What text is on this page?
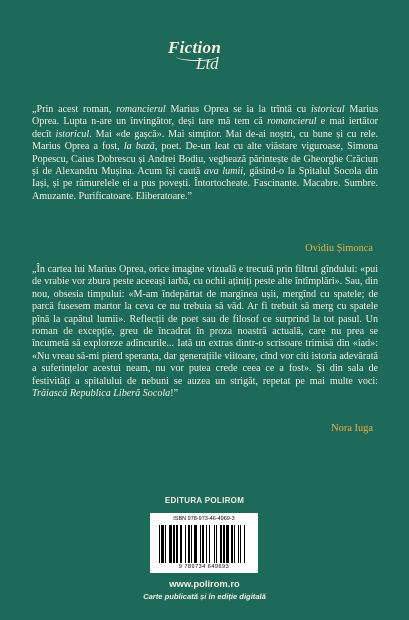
Fiction
Ltd
„Prin acest roman, romancierul Marius Oprea se ia la trîntă cu istoricul Marius Oprea. Lupta n-are un învingător, deși tare mă tem că romancierul e mai iertător decît istoricul. Mai «de gașcă». Mai simțitor. Mai de-ai noștri, cu bune și cu rele. Marius Oprea a fost, la bază, poet. De-un leat cu alte viăstare viguroase, Simona Popescu, Caius Dobrescu și Andrei Bodiu, veghează părintește de Gheorghe Crăciun și de Alexandru Mușina. Acum își caută ava lumii, găsind-o la Spitalul Socola din Iași, și pe rămurelele ei a pus povești. Întortocheate. Fascinante. Macabre. Sumbre. Amuzante. Purificatoare. Eliberatoare.”
Ovidiu Șimonca
„În cartea lui Marius Oprea, orice imagine vizuală e trecută prin filtrul gîndului: «pui de vrabie vor zbura peste aceeași iarbă, cu ochii aținiți peste alte întîmplări». Sau, din nou, obsesia timpului: «M-am îndepărtat de marginea ușii, mergînd cu spatele; de parcă fusesem martor la ceva ce nu trebuia să văd. Ar fi trebuit să merg cu spatele pînă la capătul lumii». Reflecții de poet sau de filosof ce surprind la tot pasul. Un roman de excepție, greu de încadrat în proza noastră actuală, care nu prea se încumetă să exploreze adîncurile... Iată un extras dintr-o scrisoare trimisă din «iad»: «Nu vreau să-mi pierd speranța, dar generațiile viitoare, cînd vor citi istoria adevărată a suferințelor acestui neam, nu vor putea crede ceea ce a fost». Și din sala de festivități a spitalului de nebuni se auzea un strigăt, repetat pe mai multe voci: Trăiască Republica Liberă Socola!”
Nora Iuga
EDITURA POLIROM
ISBN 978-973-46-4969-3
9 789734 649693
www.polirom.ro
Carte publicată și în ediție digitală
